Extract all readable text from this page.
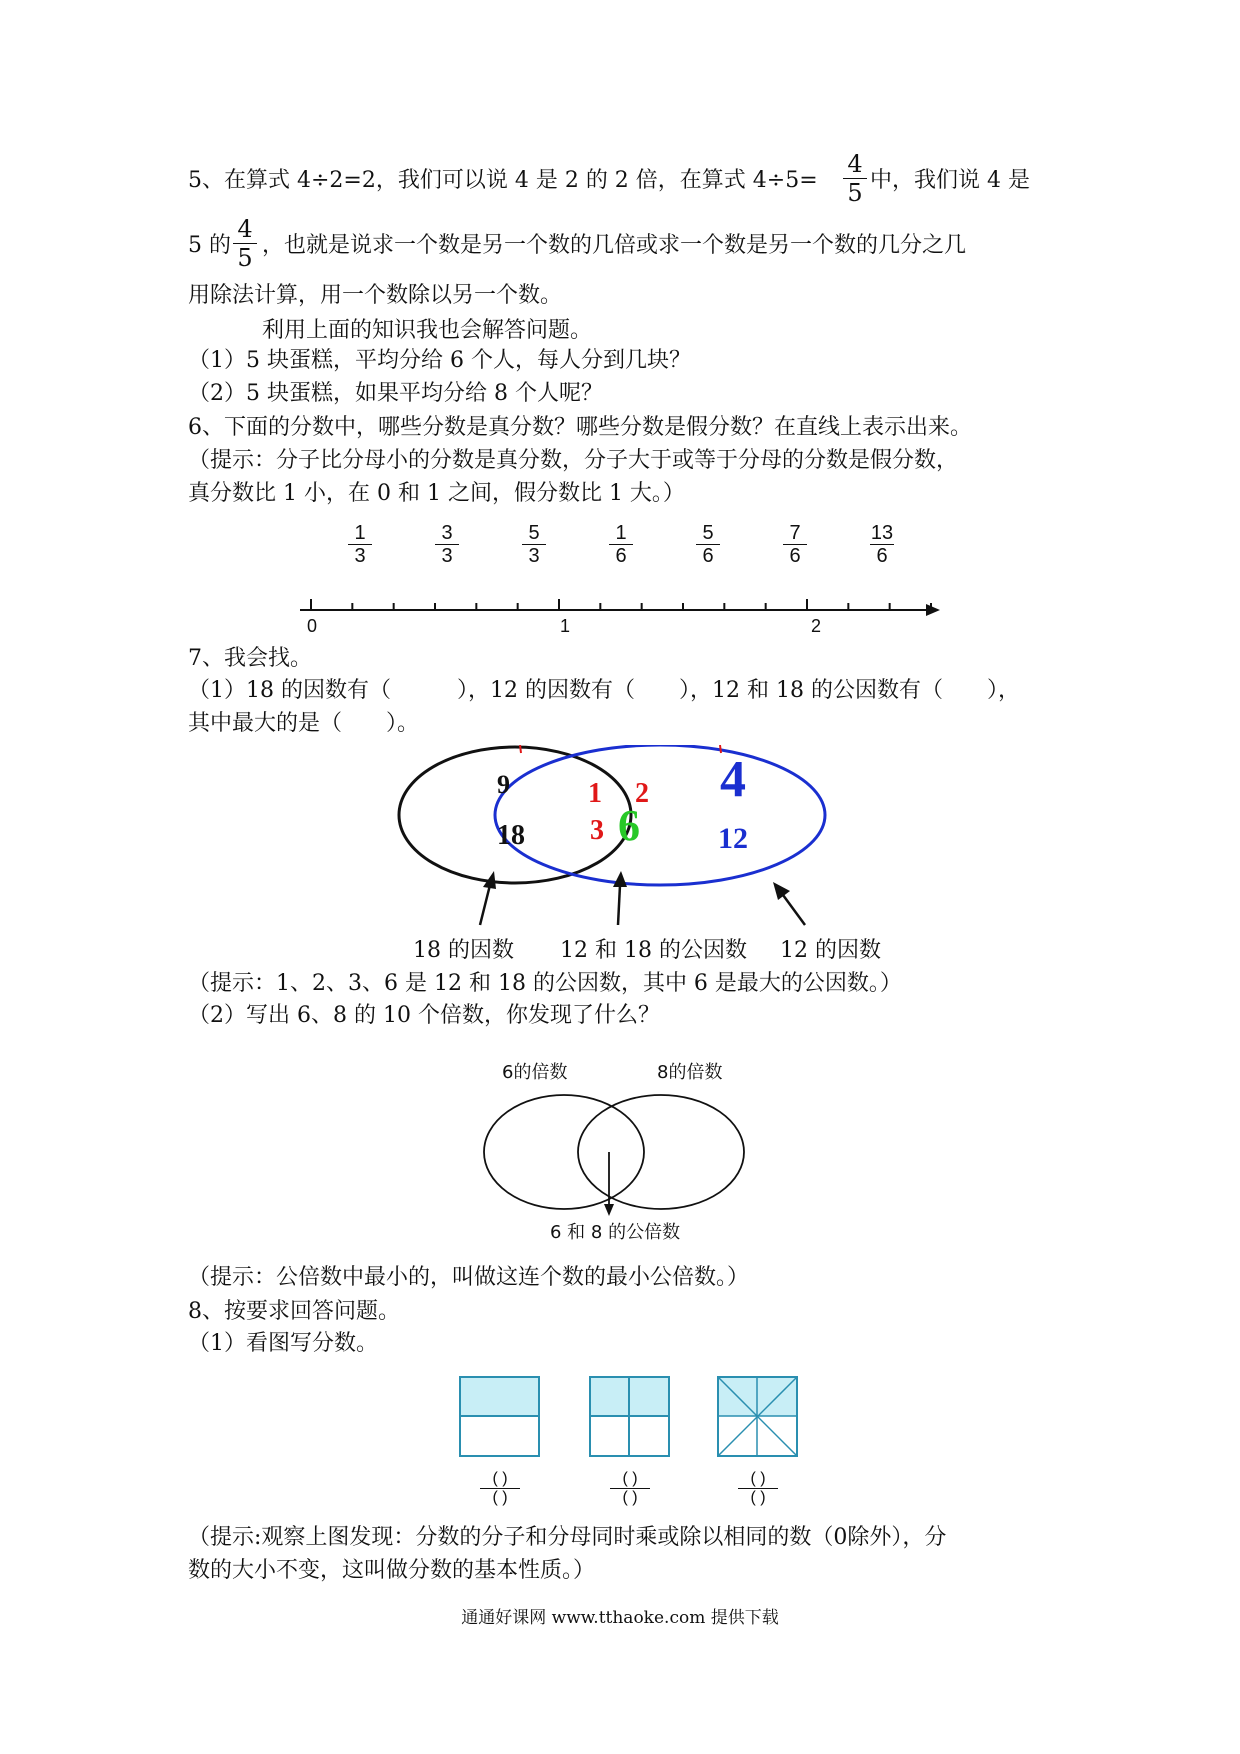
5、在算式 4÷2=2，我们可以说 4 是 2 的 2 倍，在算式 $4\div 5= \frac{4}{5}$ 中，我们说 4 是
5 的 $\frac{4}{5}$ ，也就是说求一个数是另一个数的几倍或求一个数是另一个数的几分之几
用除法计算，用一个数除以另一个数。
利用上面的知识我也会解答问题。
（1）5 块蛋糕，平均分给 6 个人，每人分到几块？
（2）5 块蛋糕，如果平均分给 8 个人呢？
6、下面的分数中，哪些分数是真分数？哪些分数是假分数？在直线上表示出来。
（提示：分子比分母小的分数是真分数，分子大于或等于分母的分数是假分数，
真分数比 1 小，在 0 和 1 之间，假分数比 1 大。）
$\frac{1}{3} \frac{3}{3} \frac{5}{3} \frac{1}{6} \frac{5}{6} \frac{7}{6} \frac{13}{6}$
0	1	2
7、我会找。
（1）18 的因数有（　　　），12 的因数有（　　），12 和 18 的公因数有（　　），
其中最大的是（　　）。
9
18
1 2
3 6
4
12
18 的因数 12 和 18 的公因数 12 的因数
（提示：1、2、3、6 是 12 和 18 的公因数，其中 6 是最大的公因数。）
（2）写出 6、8 的 10 个倍数，你发现了什么？
6的倍数	8的倍数
6 和 8 的公倍数
（提示：公倍数中最小的，叫做这连个数的最小公倍数。）
8、按要求回答问题。
（1）看图写分数。
( )
( )
( )
( )
( )
( )
（提示:观察上图发现：分数的分子和分母同时乘或除以相同的数（0除外），分
数的大小不变，这叫做分数的基本性质。）
通通好课网 www.tthaoke.com 提供下载
